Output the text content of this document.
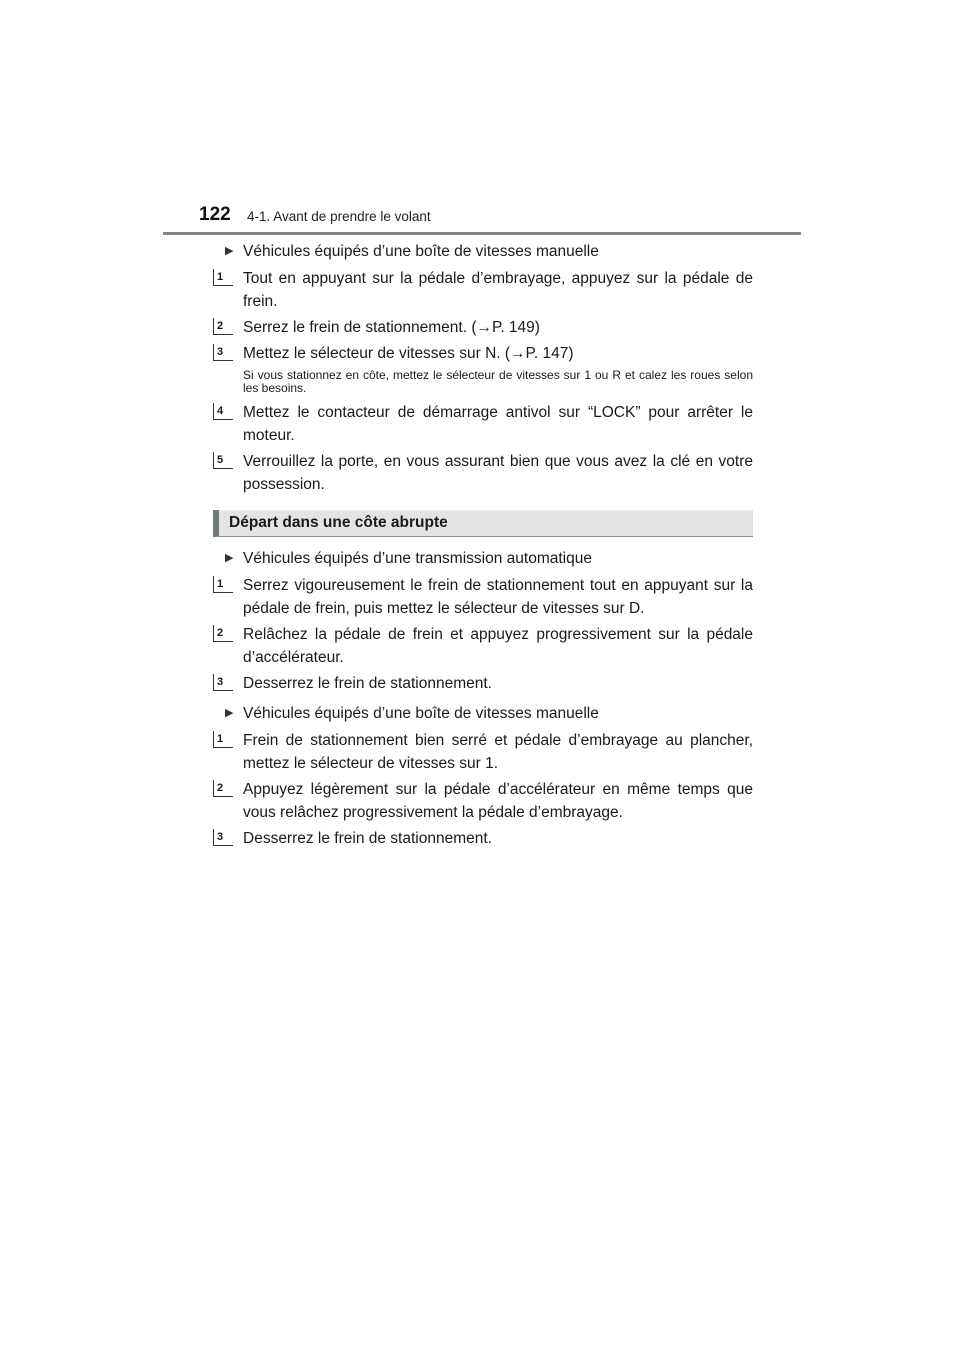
122 4-1. Avant de prendre le volant
▶ Véhicules équipés d’une boîte de vitesses manuelle
1	Tout en appuyant sur la pédale d’embrayage, appuyez sur la pédale de frein.
2	Serrez le frein de stationnement. (→P. 149)
3	Mettez le sélecteur de vitesses sur N. (→P. 147)
Si vous stationnez en côte, mettez le sélecteur de vitesses sur 1 ou R et calez les roues selon les besoins.
4	Mettez le contacteur de démarrage antivol sur “LOCK” pour arrêter le moteur.
5	Verrouillez la porte, en vous assurant bien que vous avez la clé en votre possession.
Départ dans une côte abrupte
▶ Véhicules équipés d’une transmission automatique
1	Serrez vigoureusement le frein de stationnement tout en appuyant sur la pédale de frein, puis mettez le sélecteur de vitesses sur D.
2	Relâchez la pédale de frein et appuyez progressivement sur la pédale d’accélérateur.
3	Desserrez le frein de stationnement.
▶ Véhicules équipés d’une boîte de vitesses manuelle
1	Frein de stationnement bien serré et pédale d’embrayage au plancher, mettez le sélecteur de vitesses sur 1.
2	Appuyez légèrement sur la pédale d’accélérateur en même temps que vous relâchez progressivement la pédale d’embrayage.
3	Desserrez le frein de stationnement.
